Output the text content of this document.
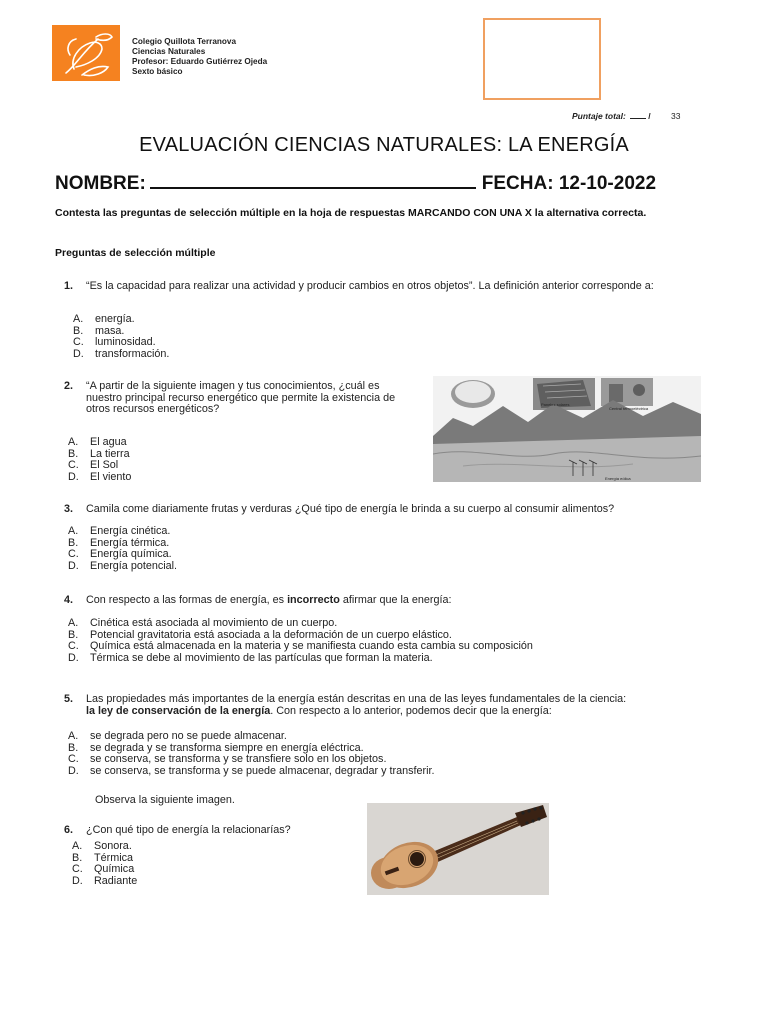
Colegio Quillota Terranova
Ciencias Naturales
Profesor: Eduardo Gutiérrez Ojeda
Sexto básico
Puntaje total:	/ 33
EVALUACIÓN CIENCIAS NATURALES: LA ENERGÍA
NOMBRE:	FECHA: 12-10-2022
Contesta las preguntas de selección múltiple en la hoja de respuestas MARCANDO CON UNA X la alternativa correcta.
Preguntas de selección múltiple
1. “Es la capacidad para realizar una actividad y producir cambios en otros objetos”. La definición anterior corresponde a:
A.	energía.
B.	masa.
C.	luminosidad.
D.	transformación.
2. “A partir de la siguiente imagen y tus conocimientos, ¿cuál es nuestro principal recurso energético que permite la existencia de otros recursos energéticos?
A.	El agua
B.	La tierra
C.	El Sol
D.	El viento
Paneles solares
Central termoeléctrica
Energía eólica
3. Camila come diariamente frutas y verduras ¿Qué tipo de energía le brinda a su cuerpo al consumir alimentos?
A.	Energía cinética.
B.	Energía térmica.
C.	Energía química.
D.	Energía potencial.
4. Con respecto a las formas de energía, es incorrecto afirmar que la energía:
A.	Cinética está asociada al movimiento de un cuerpo.
B.	Potencial gravitatoria está asociada a la deformación de un cuerpo elástico.
C.	Química está almacenada en la materia y se manifiesta cuando esta cambia su composición
D.	Térmica se debe al movimiento de las partículas que forman la materia.
5. Las propiedades más importantes de la energía están descritas en una de las leyes fundamentales de la ciencia:
la ley de conservación de la energía. Con respecto a lo anterior, podemos decir que la energía:
A.	se degrada pero no se puede almacenar.
B.	se degrada y se transforma siempre en energía eléctrica.
C.	se conserva, se transforma y se transfiere solo en los objetos.
D.	se conserva, se transforma y se puede almacenar, degradar y transferir.
Observa la siguiente imagen.
6. ¿Con qué tipo de energía la relacionarías?
A.	Sonora.
B.	Térmica
C.	Química
D.	Radiante
